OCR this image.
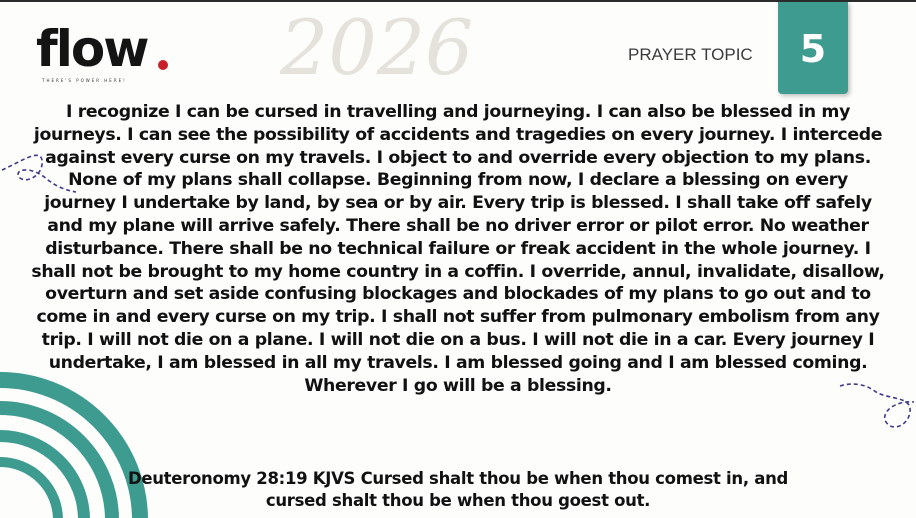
2026
flow
THERE'S POWER HERE!
PRAYER TOPIC	5

I recognize I can be cursed in travelling and journeying. I can also be blessed in my journeys. I can see the possibility of accidents and tragedies on every journey. I intercede against every curse on my travels. I object to and override every objection to my plans. None of my plans shall collapse. Beginning from now, I declare a blessing on every journey I undertake by land, by sea or by air. Every trip is blessed. I shall take off safely and my plane will arrive safely. There shall be no driver error or pilot error. No weather disturbance. There shall be no technical failure or freak accident in the whole journey. I shall not be brought to my home country in a coffin. I override, annul, invalidate, disallow, overturn and set aside confusing blockages and blockades of my plans to go out and to come in and every curse on my trip. I shall not suffer from pulmonary embolism from any trip. I will not die on a plane. I will not die on a bus. I will not die in a car. Every journey I undertake, I am blessed in all my travels. I am blessed going and I am blessed coming. Wherever I go will be a blessing.

Deuteronomy 28:19 KJVS Cursed shalt thou be when thou comest in, and cursed shalt thou be when thou goest out.
